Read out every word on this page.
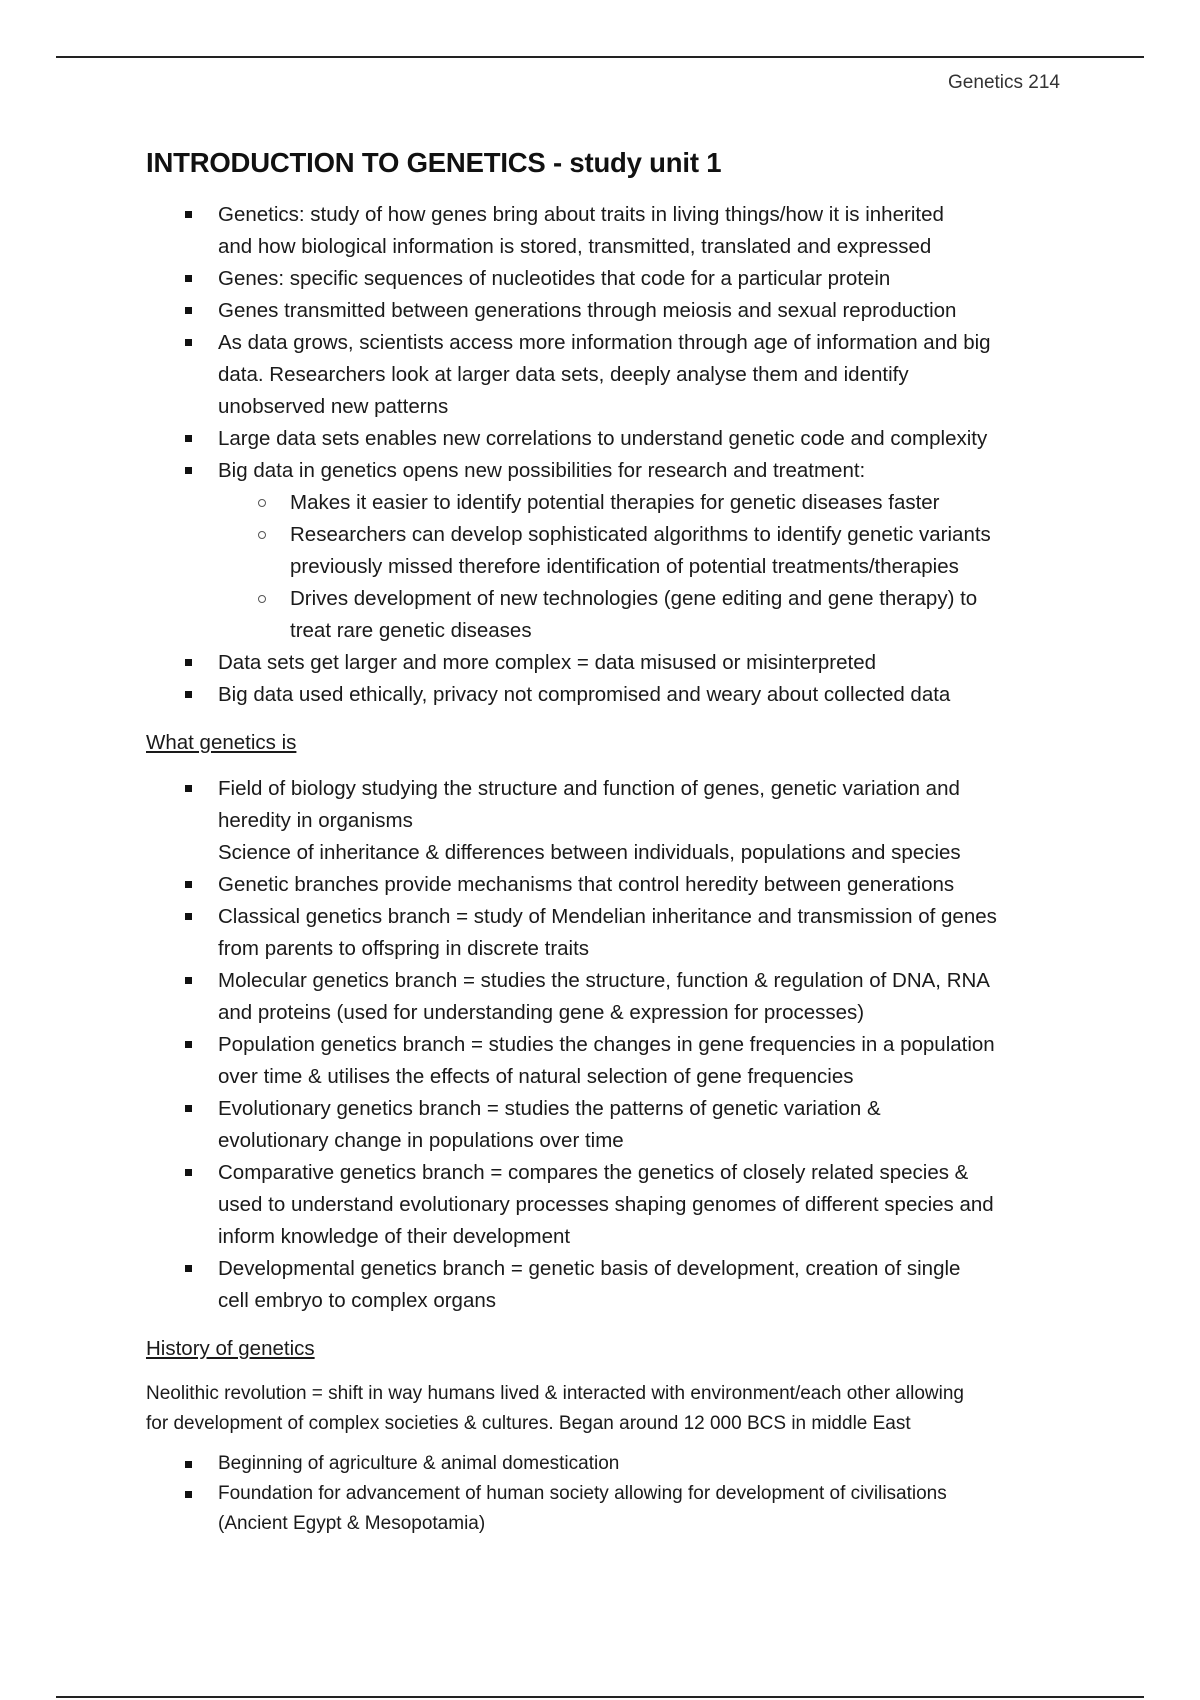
Genetics 214
INTRODUCTION TO GENETICS - study unit 1
Genetics: study of how genes bring about traits in living things/how it is inherited
and how biological information is stored, transmitted, translated and expressed
Genes: specific sequences of nucleotides that code for a particular protein
Genes transmitted between generations through meiosis and sexual reproduction
As data grows, scientists access more information through age of information and big
data. Researchers look at larger data sets, deeply analyse them and identify
unobserved new patterns
Large data sets enables new correlations to understand genetic code and complexity
Big data in genetics opens new possibilities for research and treatment:
Makes it easier to identify potential therapies for genetic diseases faster
Researchers can develop sophisticated algorithms to identify genetic variants
previously missed therefore identification of potential treatments/therapies
Drives development of new technologies (gene editing and gene therapy) to
treat rare genetic diseases
Data sets get larger and more complex = data misused or misinterpreted
Big data used ethically, privacy not compromised and weary about collected data
What genetics is
Field of biology studying the structure and function of genes, genetic variation and
heredity in organisms
Science of inheritance & differences between individuals, populations and species
Genetic branches provide mechanisms that control heredity between generations
Classical genetics branch = study of Mendelian inheritance and transmission of genes
from parents to offspring in discrete traits
Molecular genetics branch = studies the structure, function & regulation of DNA, RNA
and proteins (used for understanding gene & expression for processes)
Population genetics branch = studies the changes in gene frequencies in a population
over time & utilises the effects of natural selection of gene frequencies
Evolutionary genetics branch = studies the patterns of genetic variation &
evolutionary change in populations over time
Comparative genetics branch = compares the genetics of closely related species &
used to understand evolutionary processes shaping genomes of different species and
inform knowledge of their development
Developmental genetics branch = genetic basis of development, creation of single
cell embryo to complex organs
History of genetics

Neolithic revolution = shift in way humans lived & interacted with environment/each other allowing
for development of complex societies & cultures. Began around 12 000 BCS in middle East

Beginning of agriculture & animal domestication
Foundation for advancement of human society allowing for development of civilisations
(Ancient Egypt & Mesopotamia)
